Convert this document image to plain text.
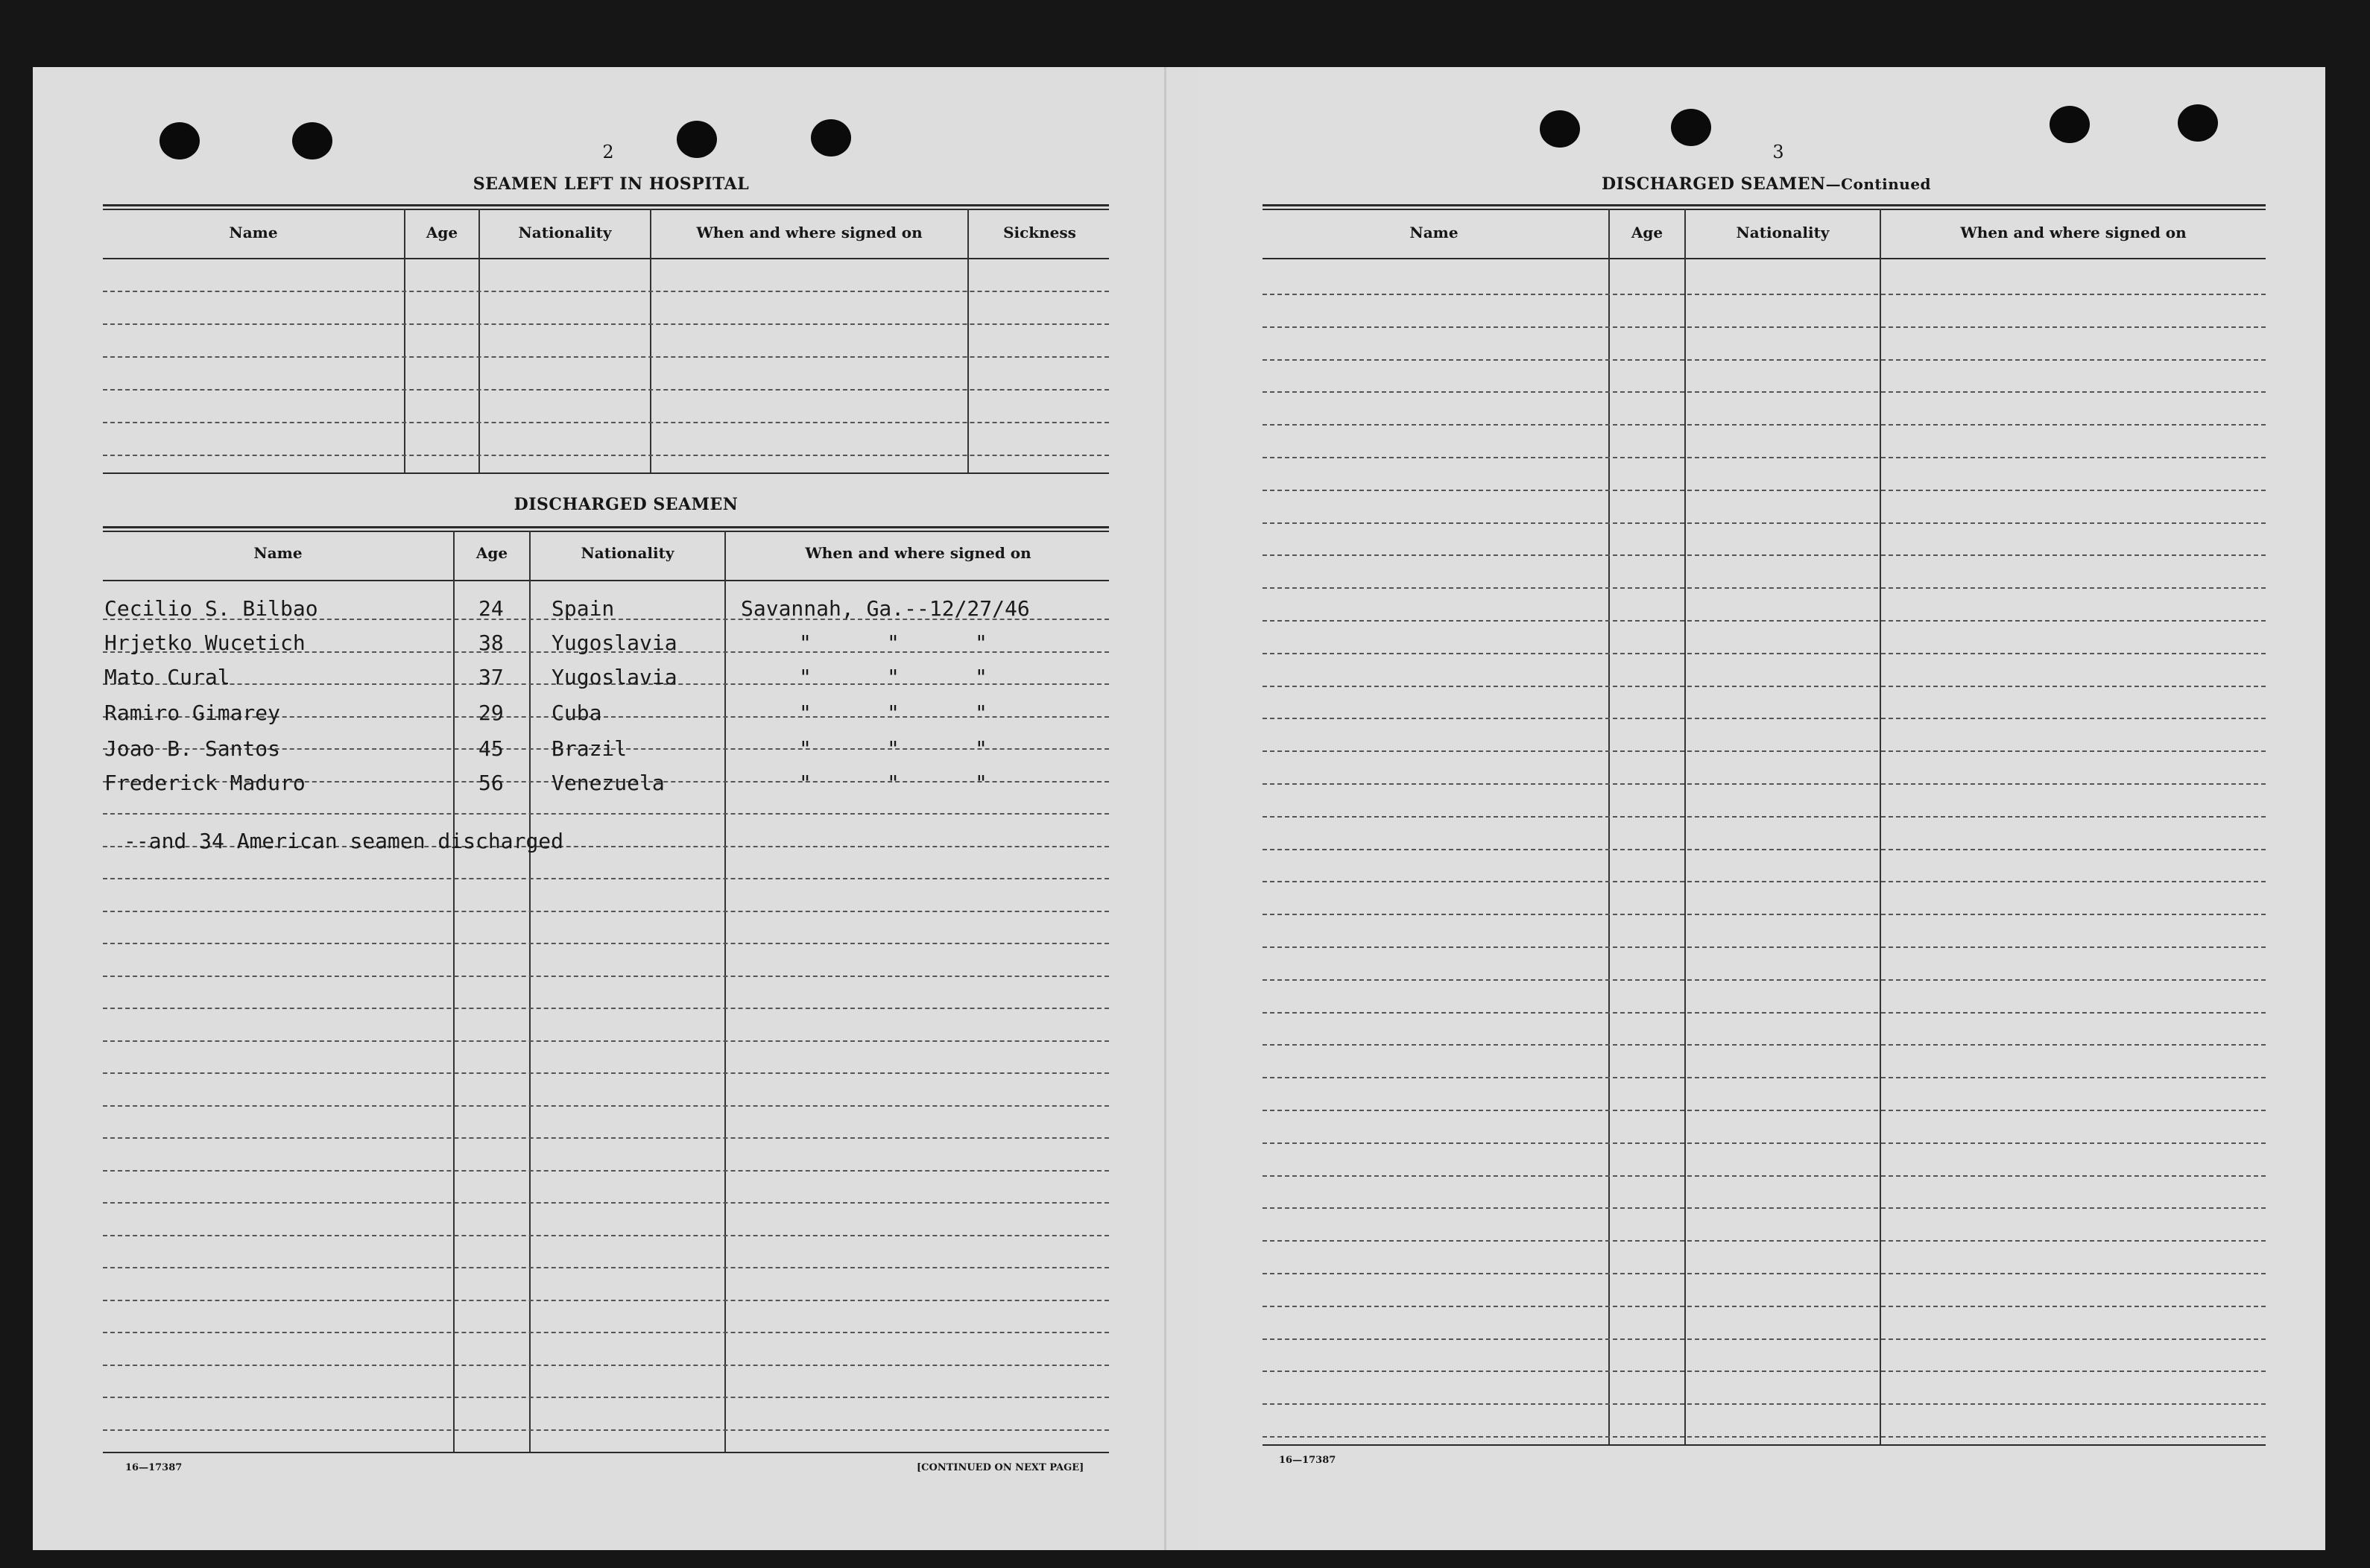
2
SEAMEN LEFT IN HOSPITAL
Name	Age	Nationality	When and where signed on	Sickness
DISCHARGED SEAMEN
Name	Age	Nationality	When and where signed on
Cecilio S. Bilbao	24 Spain	Savannah, Ga.--12/27/46
Hrjetko Wucetich	38 Yugoslavia	"      "      "
Mato Cural	37 Yugoslavia	"      "      "
Ramiro Gimarey	29 Cuba	"      "      "
Joao B. Santos	45 Brazil	"      "      "
Frederick Maduro	56 Venezuela	"      "      "
--and 34 American seamen discharged
16—17387	[CONTINUED ON NEXT PAGE]
3
DISCHARGED SEAMEN—Continued
Name	Age	Nationality	When and where signed on
16—17387
